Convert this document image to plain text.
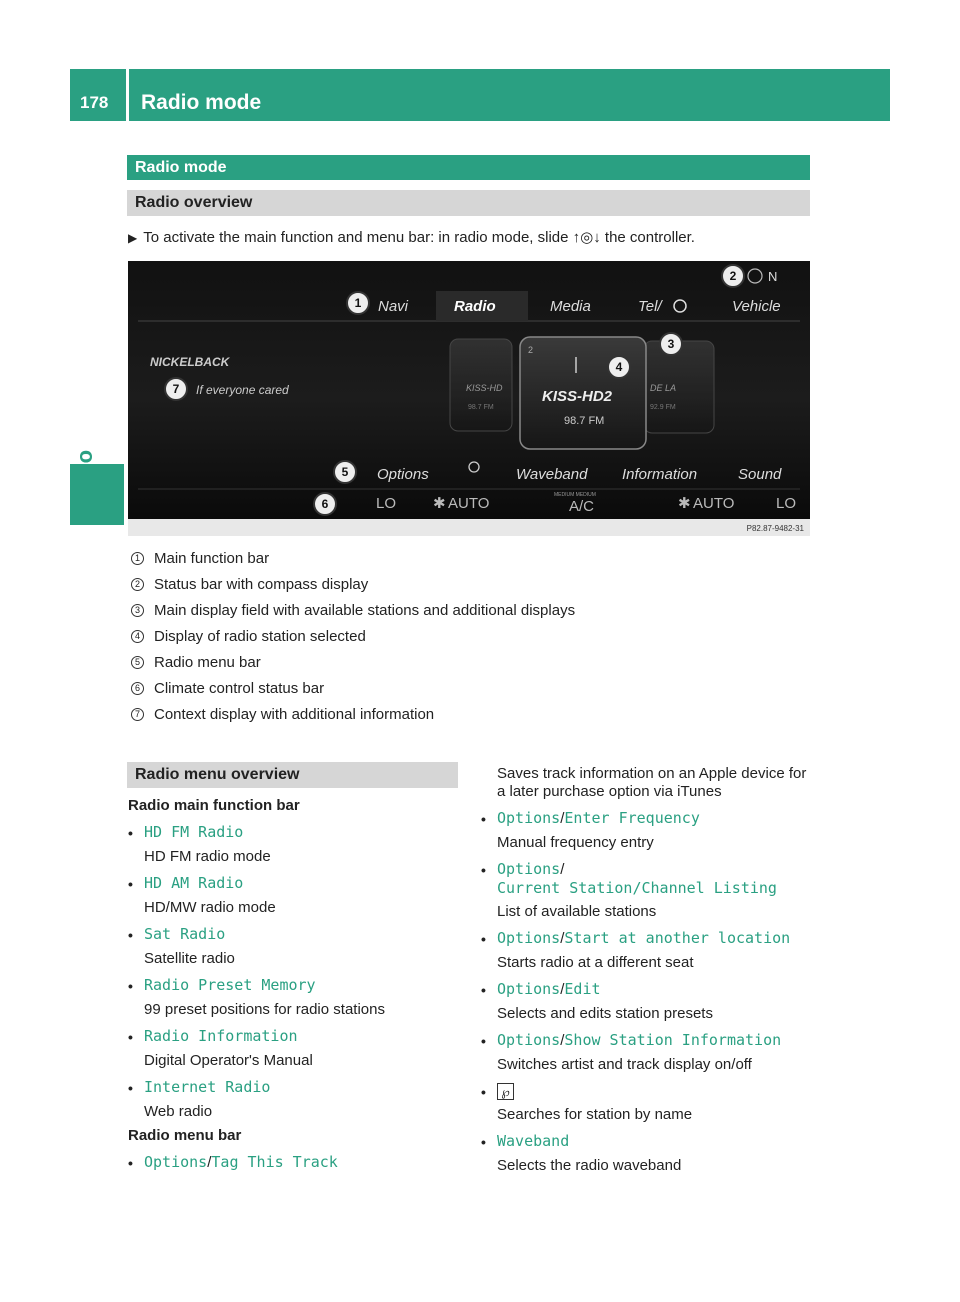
178 Radio mode
Radio mode
Radio overview
▶ To activate the main function and menu bar: in radio mode, slide ↑◎↓ the controller.
P82.87-9482-31
Navi	Radio	Media	Tel/	Vehicle
N
NICKELBACK
If everyone cared	KISS-HD
98.7 FM
DE LA
92.9 FM
2
KISS-HD2
98.7 FM
Options	Waveband Information	Sound
LO ✱ AUTO	MEDIUM MEDIUM
A/C	✱ AUTO	LO
1
2
3
4
5
6
7
1 Main function bar
2 Status bar with compass display
3 Main display field with available stations and additional displays
4 Display of radio station selected
5 Radio menu bar
6 Climate control status bar
7 Context display with additional information
Radio menu overview
Radio main function bar
• HD FM Radio
HD FM radio mode
• HD AM Radio
HD/MW radio mode
• Sat Radio
Satellite radio
• Radio Preset Memory
99 preset positions for radio stations
• Radio Information
Digital Operator's Manual
• Internet Radio
Web radio
Radio menu bar
• Options/Tag This Track
Saves track information on an Apple device for a later purchase option via iTunes
• Options/Enter Frequency
Manual frequency entry
• Options/Current Station/Channel Listing
List of available stations
• Options/Start at another location
Starts radio at a different seat
• Options/Edit
Selects and edits station presets
• Options/Show Station Information
Switches artist and track display on/off
• ℘
Searches for station by name
• Waveband
Selects the radio waveband
